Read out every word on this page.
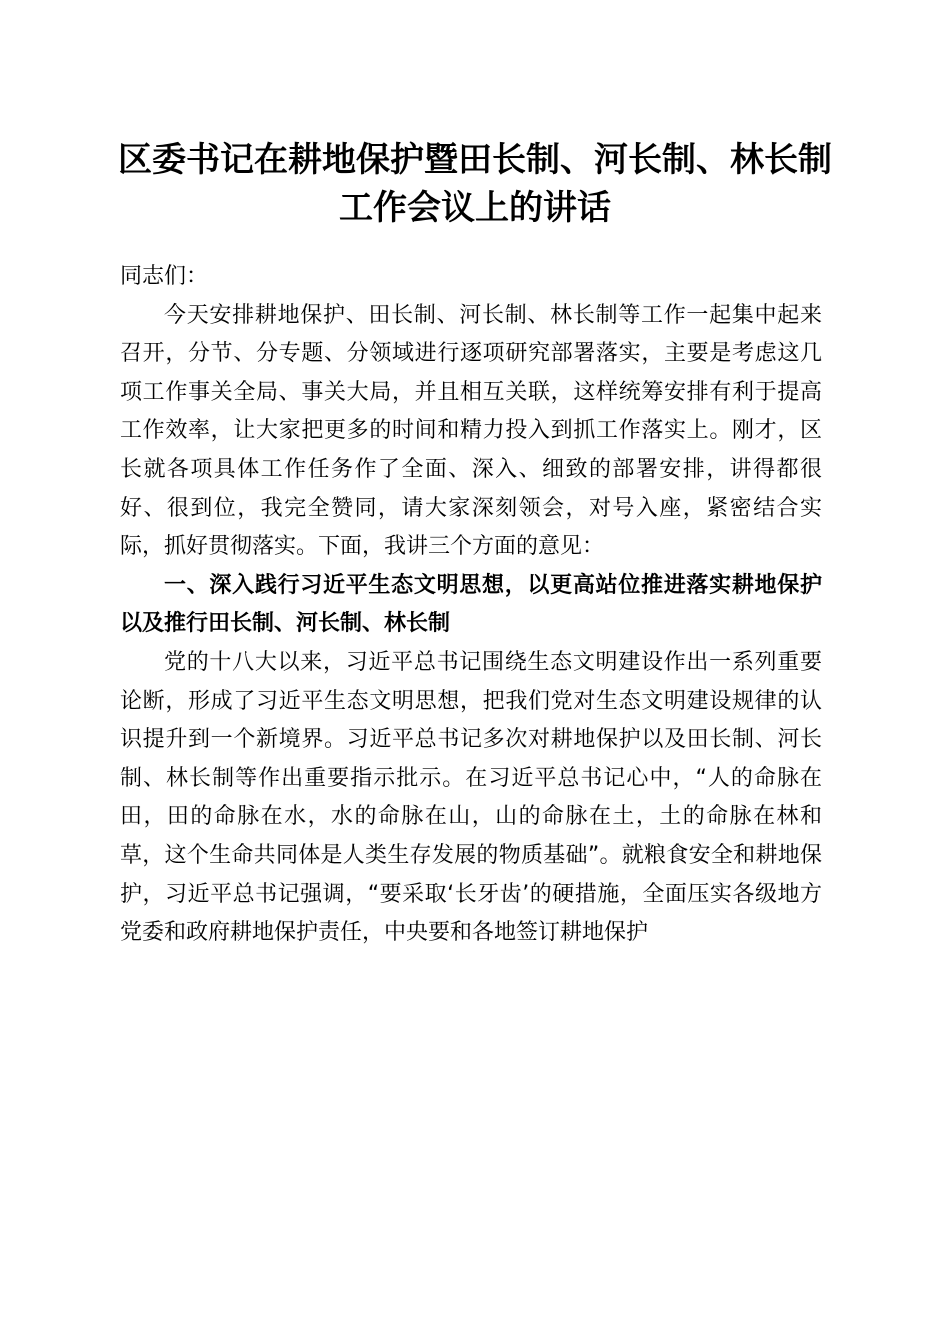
区委书记在耕地保护暨田长制、河长制、林长制工作会议上的讲话

同志们：

今天安排耕地保护、田长制、河长制、林长制等工作一起集中起来召开，分节、分专题、分领域进行逐项研究部署落实，主要是考虑这几项工作事关全局、事关大局，并且相互关联，这样统筹安排有利于提高工作效率，让大家把更多的时间和精力投入到抓工作落实上。刚才，区长就各项具体工作任务作了全面、深入、细致的部署安排，讲得都很好、很到位，我完全赞同，请大家深刻领会，对号入座，紧密结合实际，抓好贯彻落实。下面，我讲三个方面的意见：

一、深入践行习近平生态文明思想，以更高站位推进落实耕地保护以及推行田长制、河长制、林长制

党的十八大以来，习近平总书记围绕生态文明建设作出一系列重要论断，形成了习近平生态文明思想，把我们党对生态文明建设规律的认识提升到一个新境界。习近平总书记多次对耕地保护以及田长制、河长制、林长制等作出重要指示批示。在习近平总书记心中，“人的命脉在田，田的命脉在水，水的命脉在山，山的命脉在土，土的命脉在林和草，这个生命共同体是人类生存发展的物质基础”。就粮食安全和耕地保护，习近平总书记强调，“要采取‘长牙齿’的硬措施，全面压实各级地方党委和政府耕地保护责任，中央要和各地签订耕地保护
